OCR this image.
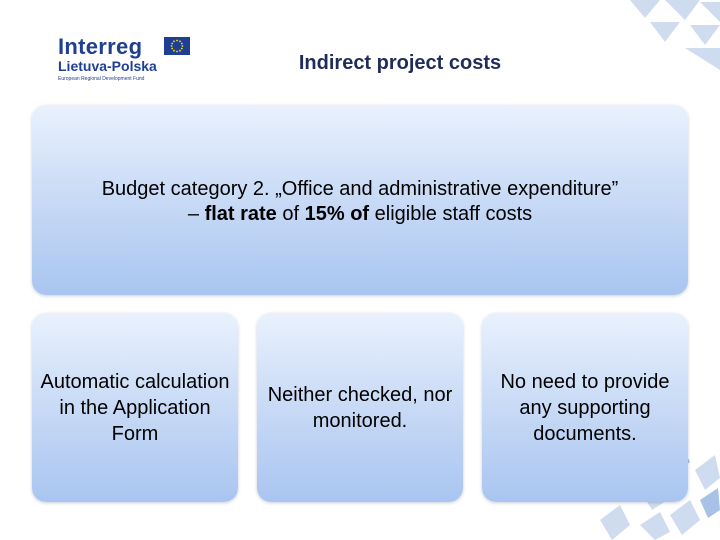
Interreg
Lietuva-Polska
European Regional Development Fund
Indirect project costs
Budget category 2. „Office and administrative expenditure”
– flat rate of 15% of eligible staff costs
Automatic calculation in the Application Form
Neither checked, nor monitored.
No need to provide any supporting documents.
